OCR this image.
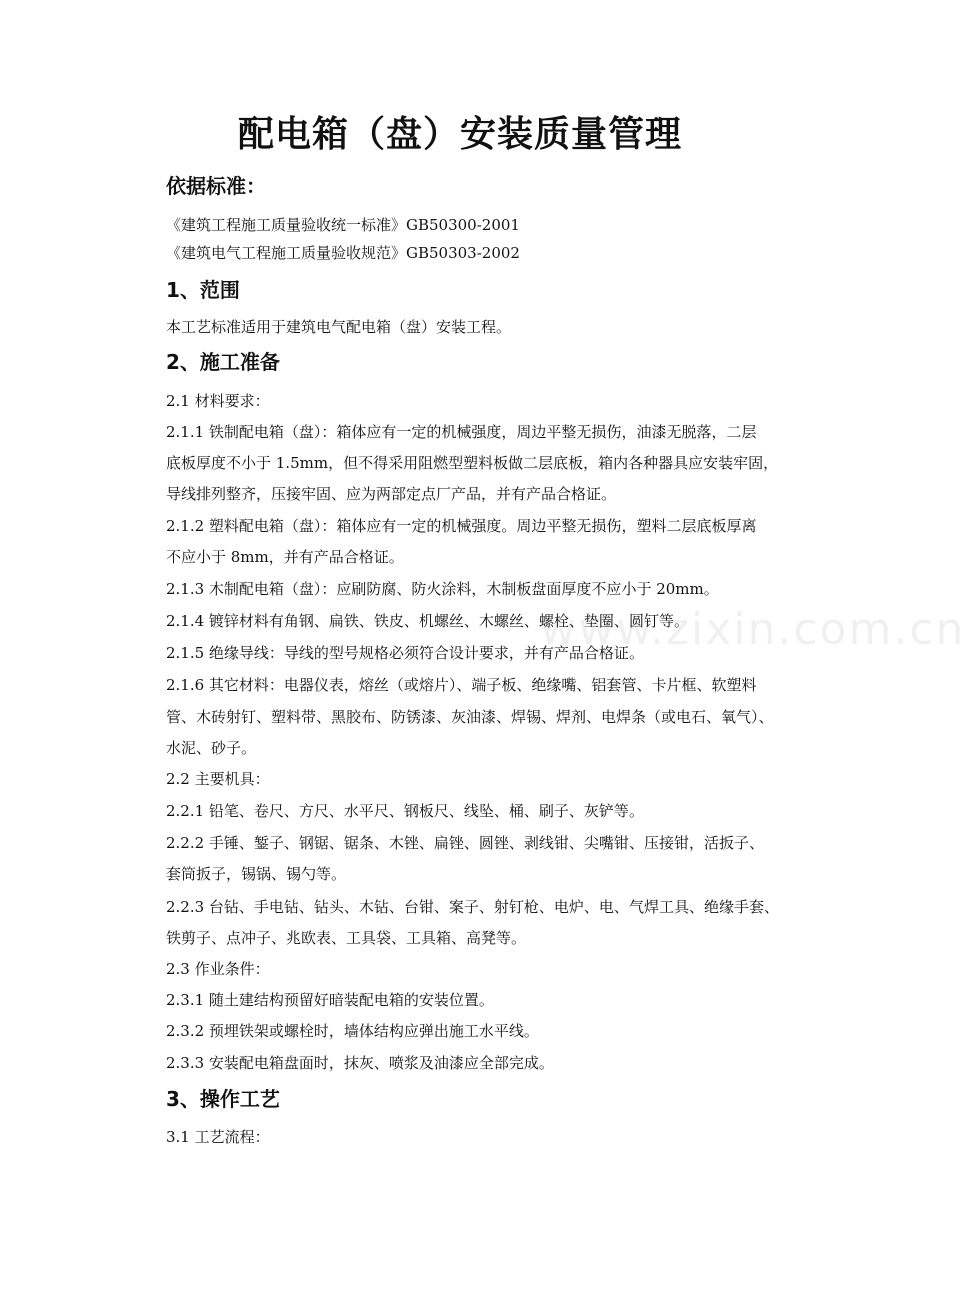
www.zixin.com.cn
配电箱（盘）安装质量管理
依据标准：
《建筑工程施工质量验收统一标准》GB50300-2001
《建筑电气工程施工质量验收规范》GB50303-2002
1、范围
本工艺标准适用于建筑电气配电箱（盘）安装工程。
2、施工准备
2.1 材料要求：
2.1.1 铁制配电箱（盘）：箱体应有一定的机械强度，周边平整无损伤，油漆无脱落，二层
底板厚度不小于 1.5mm，但不得采用阻燃型塑料板做二层底板，箱内各种器具应安装牢固，
导线排列整齐，压接牢固、应为两部定点厂产品，并有产品合格证。
2.1.2 塑料配电箱（盘）：箱体应有一定的机械强度。周边平整无损伤，塑料二层底板厚离
不应小于 8mm，并有产品合格证。
2.1.3 木制配电箱（盘）：应刷防腐、防火涂料，木制板盘面厚度不应小于 20mm。
2.1.4 镀锌材料有角钢、扁铁、铁皮、机螺丝、木螺丝、螺栓、垫圈、圆钉等。
2.1.5 绝缘导线：导线的型号规格必须符合设计要求，并有产品合格证。
2.1.6 其它材料：电器仪表，熔丝（或熔片）、端子板、绝缘嘴、铝套管、卡片框、软塑料
管、木砖射钉、塑料带、黑胶布、防锈漆、灰油漆、焊锡、焊剂、电焊条（或电石、氧气）、
水泥、砂子。
2.2 主要机具：
2.2.1 铅笔、卷尺、方尺、水平尺、钢板尺、线坠、桶、刷子、灰铲等。
2.2.2 手锤、錾子、钢锯、锯条、木锉、扁锉、圆锉、剥线钳、尖嘴钳、压接钳，活扳子、
套筒扳子，锡锅、锡勺等。
2.2.3 台钻、手电钻、钻头、木钻、台钳、案子、射钉枪、电炉、电、气焊工具、绝缘手套、
铁剪子、点冲子、兆欧表、工具袋、工具箱、高凳等。
2.3 作业条件：
2.3.1 随土建结构预留好暗装配电箱的安装位置。
2.3.2 预埋铁架或螺栓时，墙体结构应弹出施工水平线。
2.3.3 安装配电箱盘面时，抹灰、喷浆及油漆应全部完成。
3、操作工艺
3.1 工艺流程：
